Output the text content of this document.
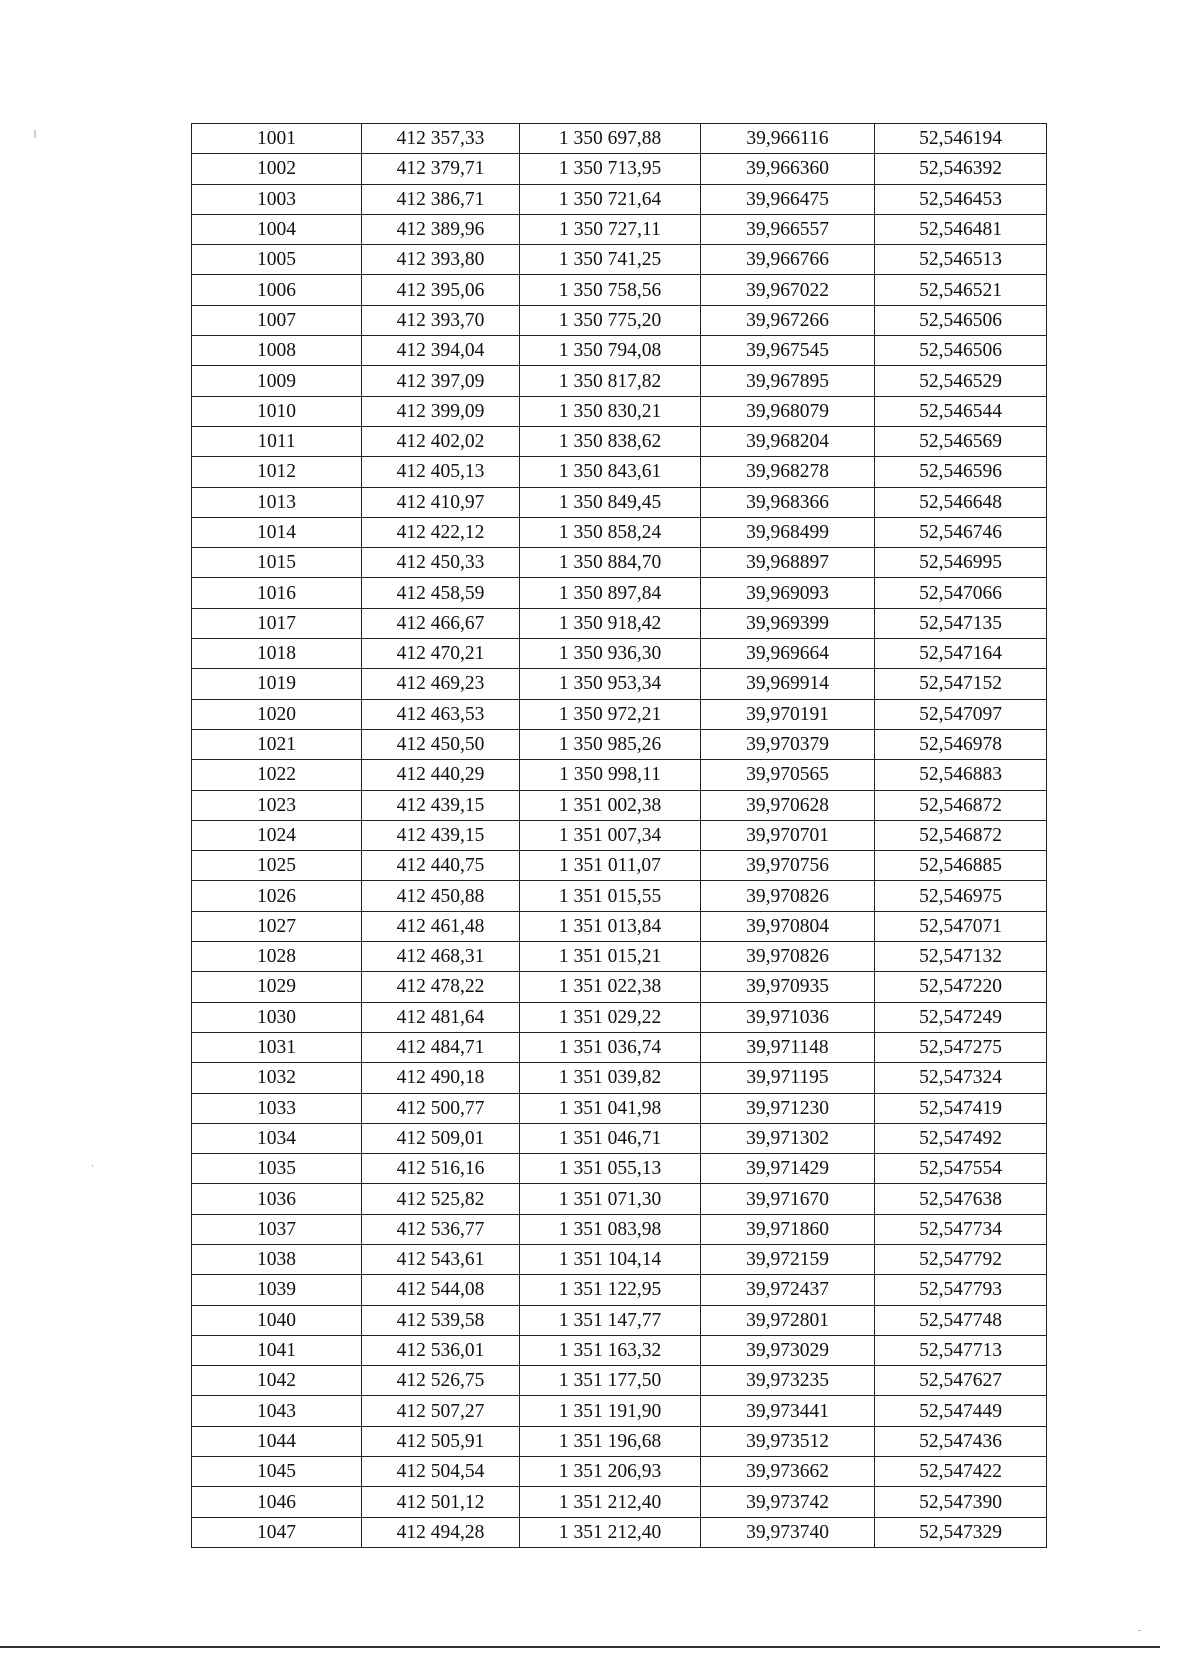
1001	412 357,33	1 350 697,88	39,966116	52,546194
1002	412 379,71	1 350 713,95	39,966360	52,546392
1003	412 386,71	1 350 721,64	39,966475	52,546453
1004	412 389,96	1 350 727,11	39,966557	52,546481
1005	412 393,80	1 350 741,25	39,966766	52,546513
1006	412 395,06	1 350 758,56	39,967022	52,546521
1007	412 393,70	1 350 775,20	39,967266	52,546506
1008	412 394,04	1 350 794,08	39,967545	52,546506
1009	412 397,09	1 350 817,82	39,967895	52,546529
1010	412 399,09	1 350 830,21	39,968079	52,546544
1011	412 402,02	1 350 838,62	39,968204	52,546569
1012	412 405,13	1 350 843,61	39,968278	52,546596
1013	412 410,97	1 350 849,45	39,968366	52,546648
1014	412 422,12	1 350 858,24	39,968499	52,546746
1015	412 450,33	1 350 884,70	39,968897	52,546995
1016	412 458,59	1 350 897,84	39,969093	52,547066
1017	412 466,67	1 350 918,42	39,969399	52,547135
1018	412 470,21	1 350 936,30	39,969664	52,547164
1019	412 469,23	1 350 953,34	39,969914	52,547152
1020	412 463,53	1 350 972,21	39,970191	52,547097
1021	412 450,50	1 350 985,26	39,970379	52,546978
1022	412 440,29	1 350 998,11	39,970565	52,546883
1023	412 439,15	1 351 002,38	39,970628	52,546872
1024	412 439,15	1 351 007,34	39,970701	52,546872
1025	412 440,75	1 351 011,07	39,970756	52,546885
1026	412 450,88	1 351 015,55	39,970826	52,546975
1027	412 461,48	1 351 013,84	39,970804	52,547071
1028	412 468,31	1 351 015,21	39,970826	52,547132
1029	412 478,22	1 351 022,38	39,970935	52,547220
1030	412 481,64	1 351 029,22	39,971036	52,547249
1031	412 484,71	1 351 036,74	39,971148	52,547275
1032	412 490,18	1 351 039,82	39,971195	52,547324
1033	412 500,77	1 351 041,98	39,971230	52,547419
1034	412 509,01	1 351 046,71	39,971302	52,547492
1035	412 516,16	1 351 055,13	39,971429	52,547554
1036	412 525,82	1 351 071,30	39,971670	52,547638
1037	412 536,77	1 351 083,98	39,971860	52,547734
1038	412 543,61	1 351 104,14	39,972159	52,547792
1039	412 544,08	1 351 122,95	39,972437	52,547793
1040	412 539,58	1 351 147,77	39,972801	52,547748
1041	412 536,01	1 351 163,32	39,973029	52,547713
1042	412 526,75	1 351 177,50	39,973235	52,547627
1043	412 507,27	1 351 191,90	39,973441	52,547449
1044	412 505,91	1 351 196,68	39,973512	52,547436
1045	412 504,54	1 351 206,93	39,973662	52,547422
1046	412 501,12	1 351 212,40	39,973742	52,547390
1047	412 494,28	1 351 212,40	39,973740	52,547329
